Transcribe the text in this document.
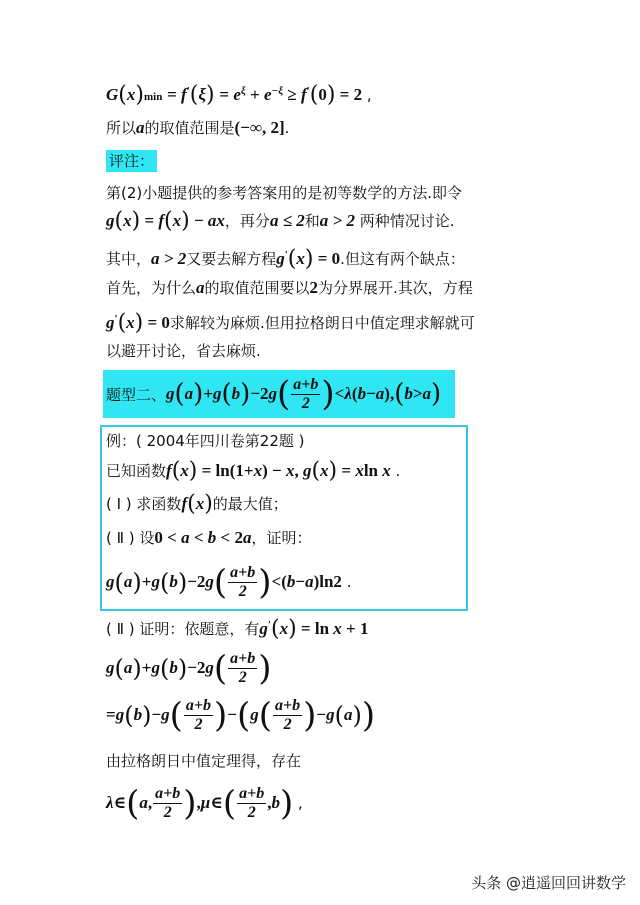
$G(x)\min = f'(\xi) = e^\xi + e^{-\xi} \ge f'(0) = 2$ ,
所以a的取值范围是(−∞, 2].
评注：
第(2)小题提供的参考答案用的是初等数学的方法.即令
g(x) = f(x) − ax，再分a ≤ 2和a > 2 两种情况讨论.
其中，a > 2又要去解方程g'(x) = 0.但这有两个缺点：
首先，为什么a的取值范围要以2为分界展开.其次，方程
g'(x) = 0求解较为麻烦.但用拉格朗日中值定理求解就可
以避开讨论，省去麻烦.
题型二、 g ( a ) + g ( b ) −2 g ( $\frac{a+b}{2}$ ) < λ ( b − a ) , ( b > a )
例：( 2004年四川卷第22题 )
已知函数f(x) = ln(1+x) − x, g(x) = xln x .
( Ⅰ ) 求函数f(x)的最大值；
( Ⅱ ) 设0 < a < b < 2a，证明：
$g(a)+g(b)-2g( \frac{a+b}{2} )<(b-a)\ln 2$ .
( Ⅱ ) 证明：依题意，有g'(x) = ln x + 1
$g(a)+g(b)-2g( \frac{a+b}{2}$ )
$=g(b)-g( \frac{a+b}{2} )-(g( \frac{a+b}{2} )-g(a))$
由拉格朗日中值定理得，存在
λ∈(a, $\frac{a+b}{2}$ ),μ∈( $\frac{a+b}{2} ,b$) ,
头条 @逍遥回回讲数学
